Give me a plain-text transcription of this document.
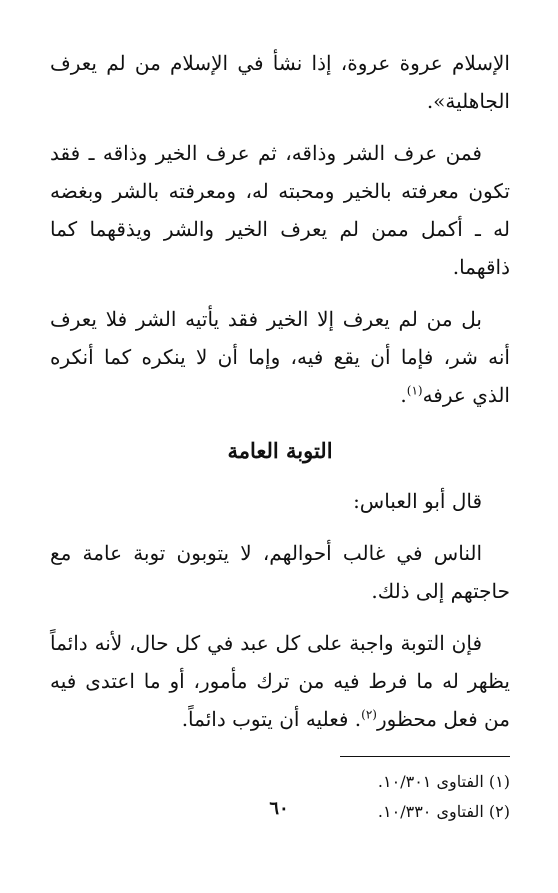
الإسلام عروة عروة، إذا نشأ في الإسلام من لم يعرف الجاهلية».

فمن عرف الشر وذاقه، ثم عرف الخير وذاقه ـ فقد تكون معرفته بالخير ومحبته له، ومعرفته بالشر وبغضه له ـ أكمل ممن لم يعرف الخير والشر ويذقهما كما ذاقهما.

بل من لم يعرف إلا الخير فقد يأتيه الشر فلا يعرف أنه شر، فإما أن يقع فيه، وإما أن لا ينكره كما أنكره الذي عرفه$^{(١)}$.

التوبة العامة

قال أبو العباس:

الناس في غالب أحوالهم، لا يتوبون توبة عامة مع حاجتهم إلى ذلك.

فإن التوبة واجبة على كل عبد في كل حال، لأنه دائماً يظهر له ما فرط فيه من ترك مأمور، أو ما اعتدى فيه من فعل محظور$^{(٢)}$. فعليه أن يتوب دائماً.

(١) الفتاوى ١٠/٣٠١.

(٢) الفتاوى ١٠/٣٣٠.

٦٠
